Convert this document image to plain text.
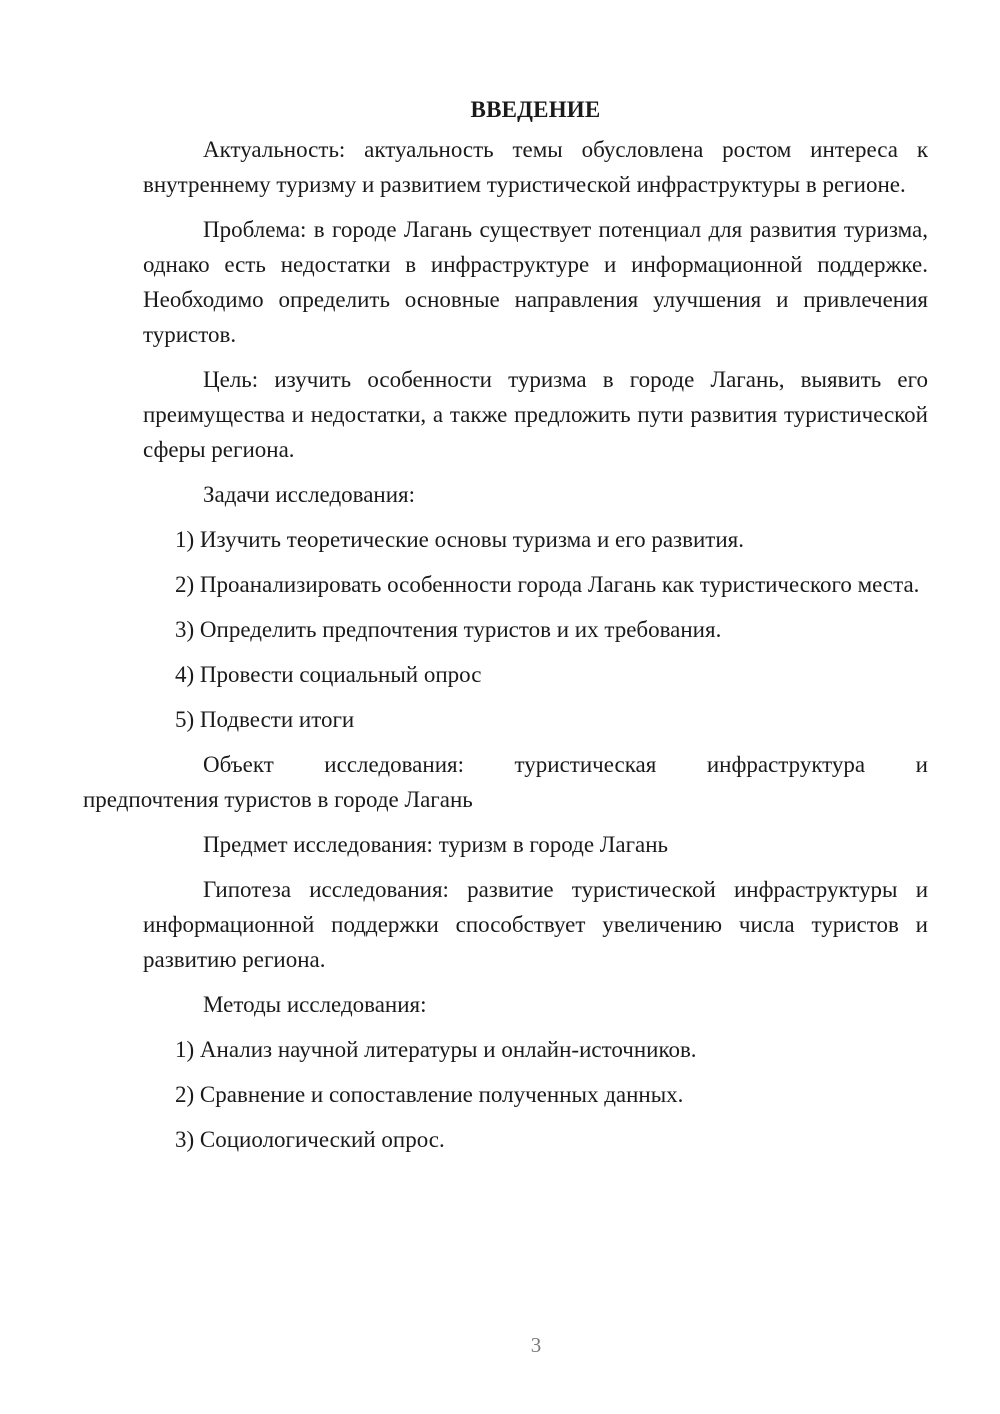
ВВЕДЕНИЕ

Актуальность: актуальность темы обусловлена ростом интереса к внутреннему туризму и развитием туристической инфраструктуры в регионе.

Проблема: в городе Лагань существует потенциал для развития туризма, однако есть недостатки в инфраструктуре и информационной поддержке. Необходимо определить основные направления улучшения и привлечения туристов.

Цель: изучить особенности туризма в городе Лагань, выявить его преимущества и недостатки, а также предложить пути развития туристической сферы региона.

Задачи исследования:

1) Изучить теоретические основы туризма и его развития.

2) Проанализировать особенности города Лагань как туристического места.

3) Определить предпочтения туристов и их требования.

4) Провести социальный опрос

5) Подвести итоги

Объект исследования: туристическая инфраструктура и
предпочтения туристов в городе Лагань

Предмет исследования: туризм в городе Лагань

Гипотеза исследования: развитие туристической инфраструктуры и информационной поддержки способствует увеличению числа туристов и развитию региона.

Методы исследования:

1) Анализ научной литературы и онлайн-источников.

2) Сравнение и сопоставление полученных данных.

3) Социологический опрос.

3
